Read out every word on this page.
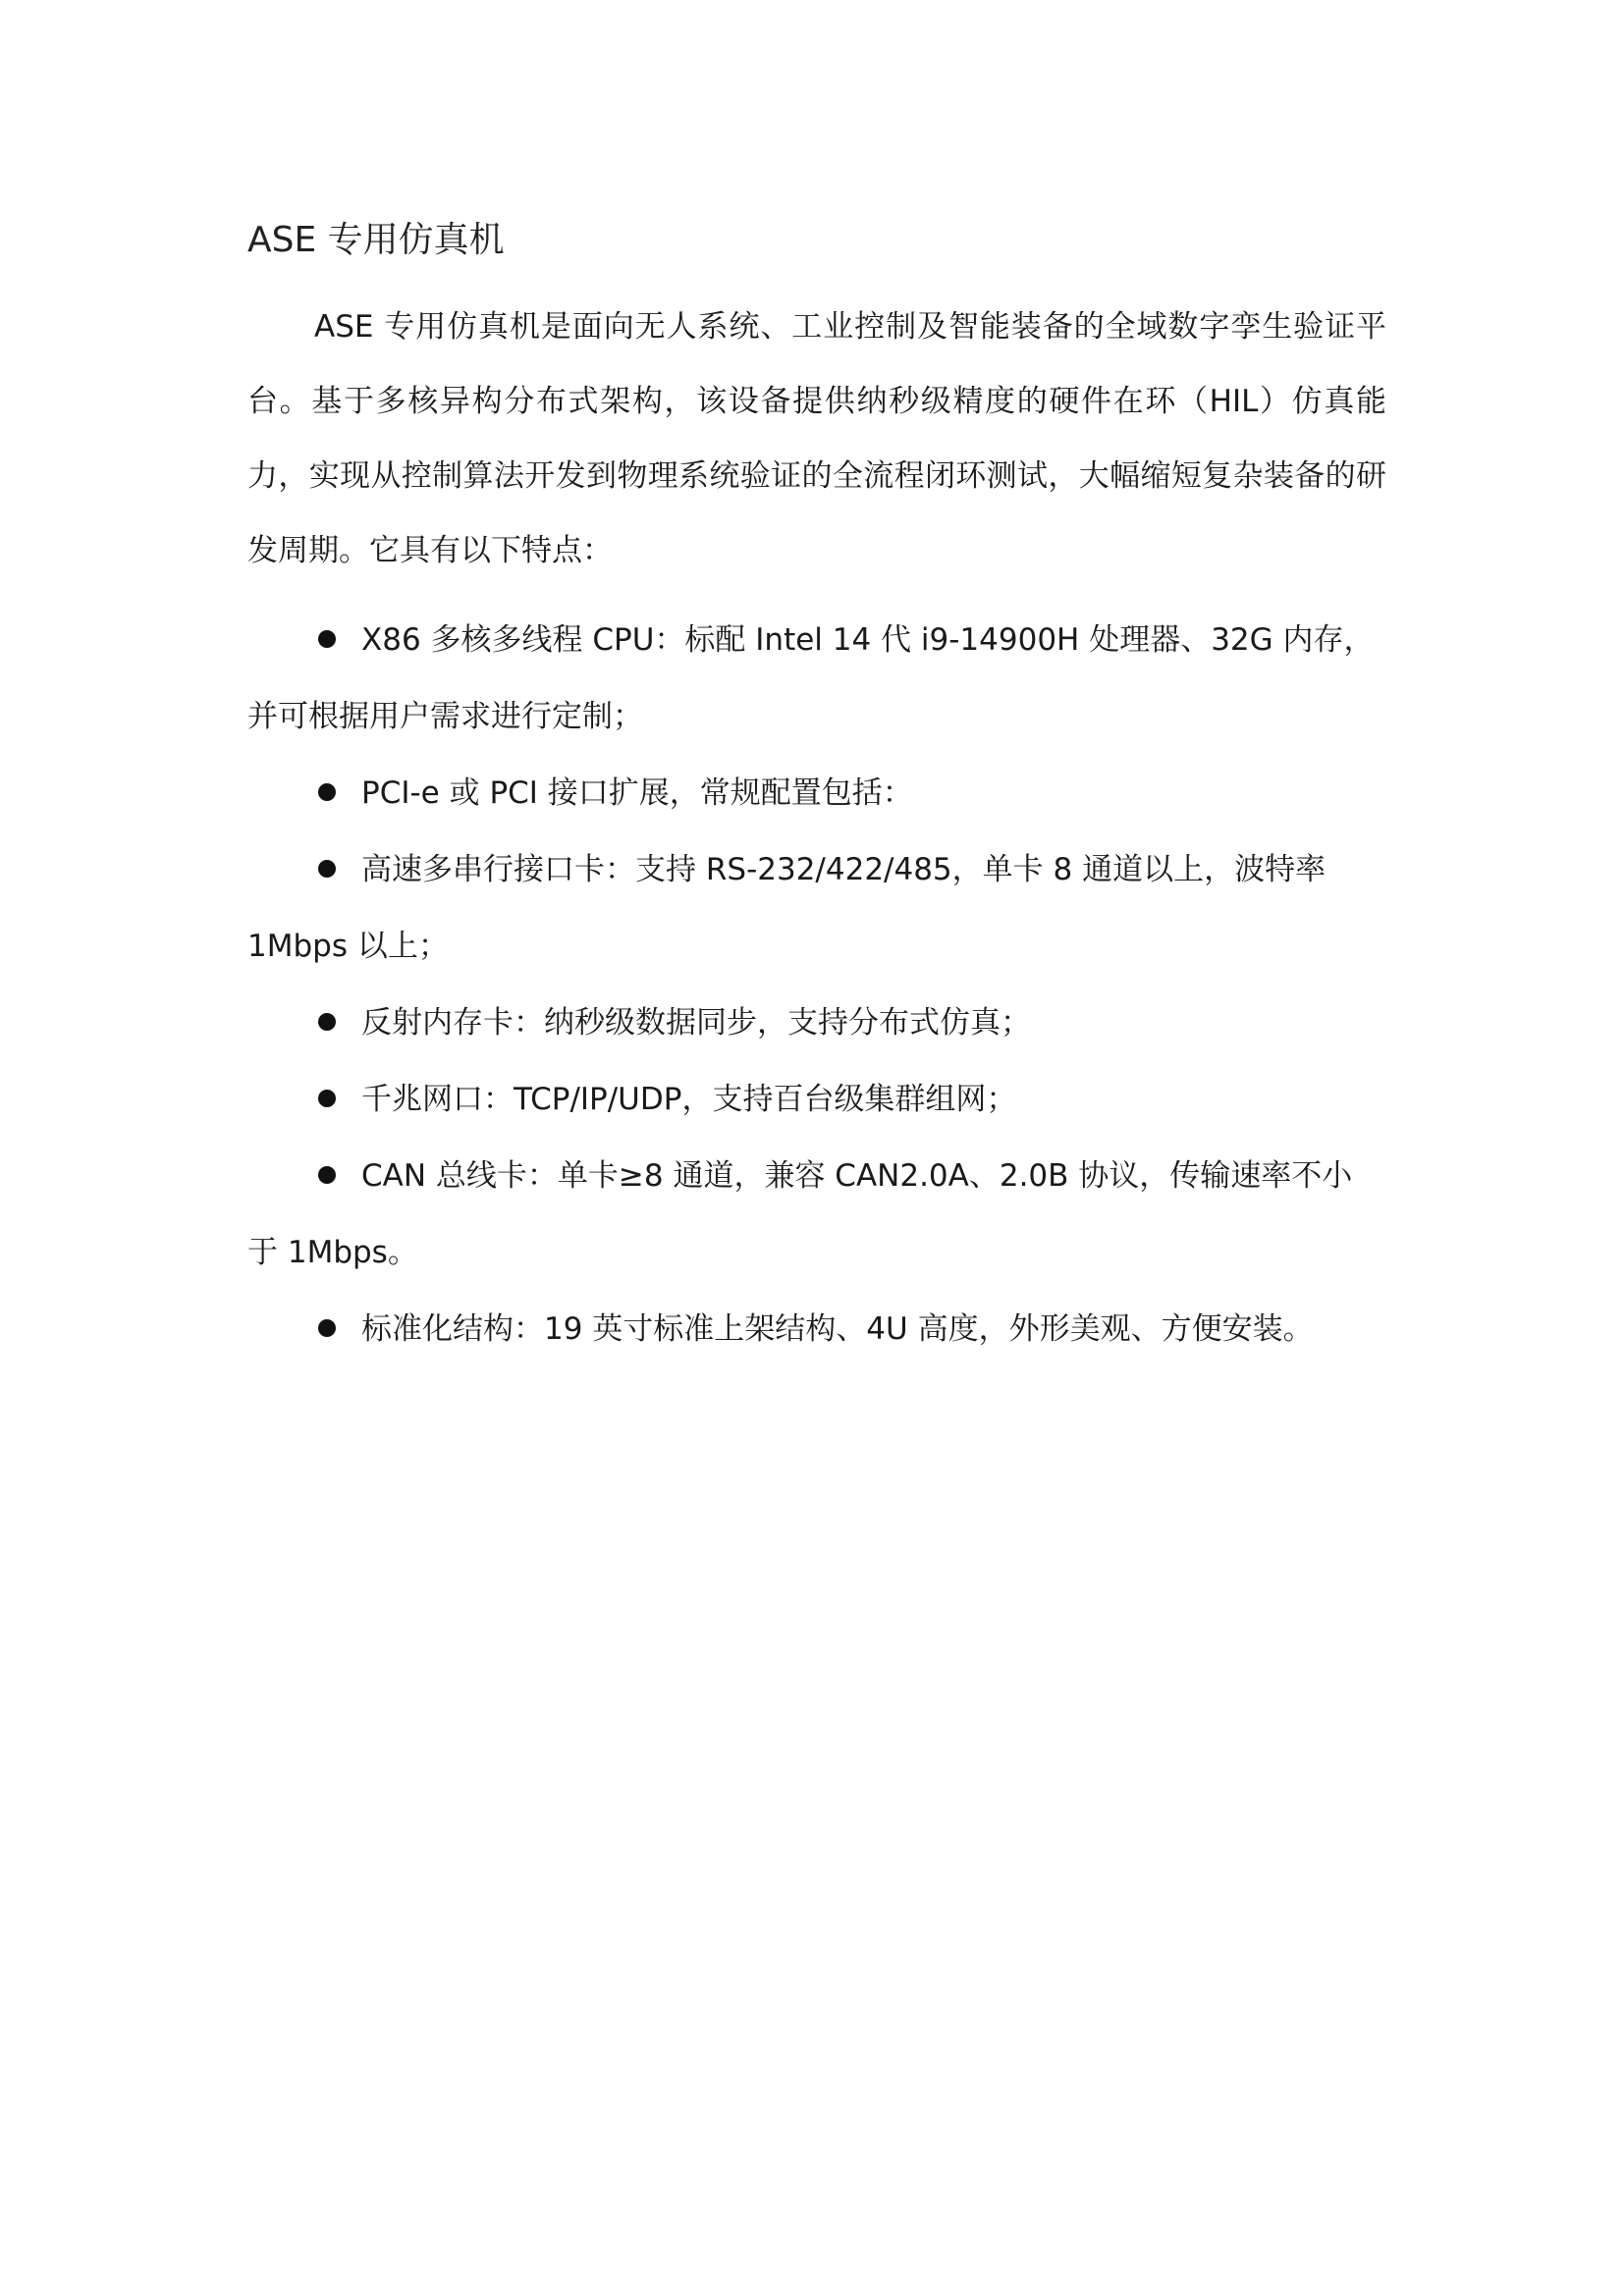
ASE 专用仿真机

ASE 专用仿真机是面向无人系统、工业控制及智能装备的全域数字孪生验证平台。基于多核异构分布式架构，该设备提供纳秒级精度的硬件在环（HIL）仿真能力，实现从控制算法开发到物理系统验证的全流程闭环测试，大幅缩短复杂装备的研发周期。它具有以下特点：

X86 多核多线程 CPU：标配 Intel 14 代 i9-14900H 处理器、32G 内存，
并可根据用户需求进行定制；
PCI-e 或 PCI 接口扩展，常规配置包括：
高速多串行接口卡：支持 RS-232/422/485，单卡 8 通道以上，波特率
1Mbps 以上；
反射内存卡：纳秒级数据同步，支持分布式仿真；
千兆网口：TCP/IP/UDP，支持百台级集群组网；
CAN 总线卡：单卡≥8 通道，兼容 CAN2.0A、2.0B 协议，传输速率不小
于 1Mbps。
标准化结构：19 英寸标准上架结构、4U 高度，外形美观、方便安装。
